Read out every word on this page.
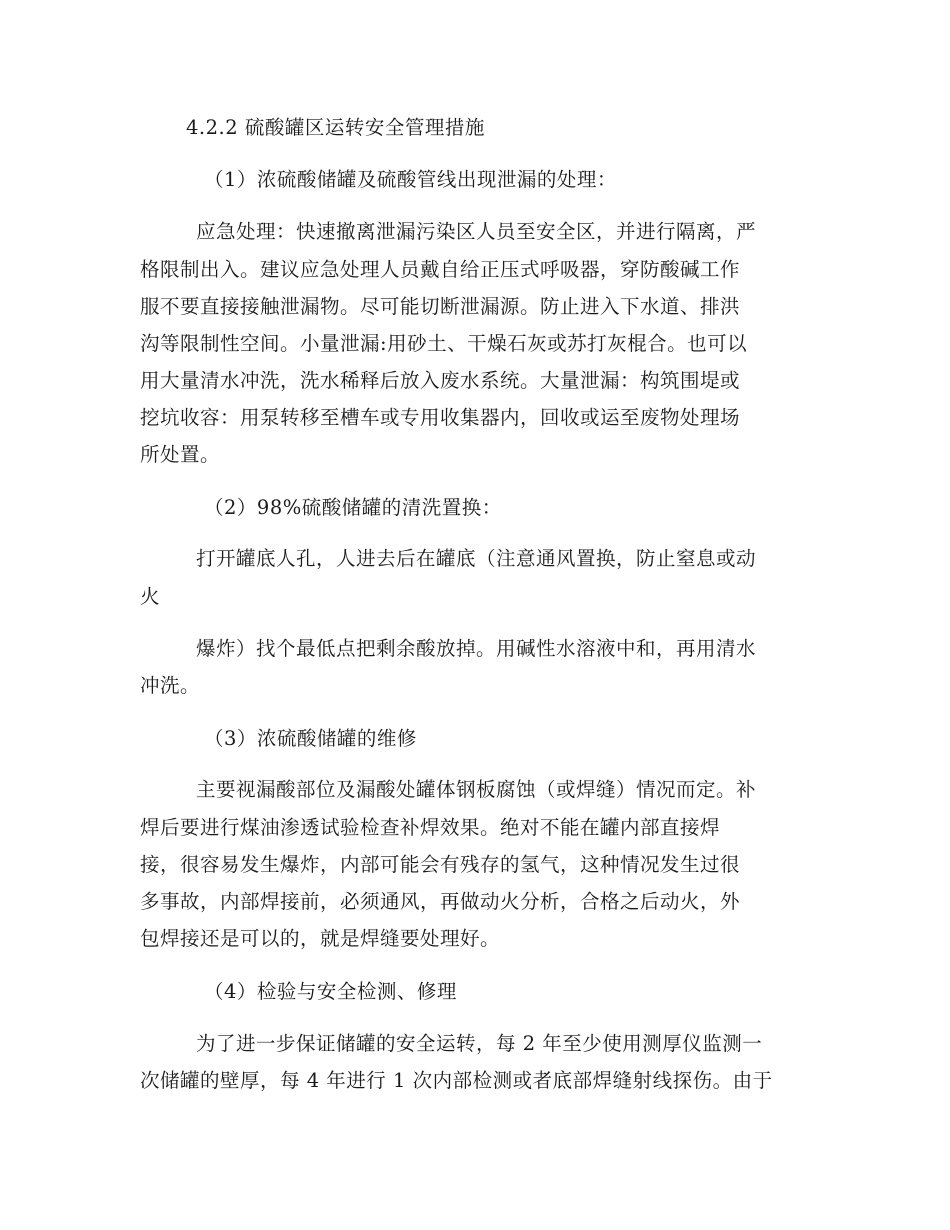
4.2.2 硫酸罐区运转安全管理措施
（1）浓硫酸储罐及硫酸管线出现泄漏的处理：
应急处理：快速撤离泄漏污染区人员至安全区，并进行隔离，严
格限制出入。建议应急处理人员戴自给正压式呼吸器，穿防酸碱工作
服不要直接接触泄漏物。尽可能切断泄漏源。防止进入下水道、排洪
沟等限制性空间。小量泄漏:用砂土、干燥石灰或苏打灰棍合。也可以
用大量清水冲洗，洗水稀释后放入废水系统。大量泄漏：构筑围堤或
挖坑收容：用泵转移至槽车或专用收集器内，回收或运至废物处理场
所处置。
（2）98%硫酸储罐的清洗置换：
打开罐底人孔，人进去后在罐底（注意通风置换，防止窒息或动
火
爆炸）找个最低点把剩余酸放掉。用碱性水溶液中和，再用清水
冲洗。
（3）浓硫酸储罐的维修
主要视漏酸部位及漏酸处罐体钢板腐蚀（或焊缝）情况而定。补
焊后要进行煤油渗透试验检查补焊效果。绝对不能在罐内部直接焊
接，很容易发生爆炸，内部可能会有残存的氢气，这种情况发生过很
多事故，内部焊接前，必须通风，再做动火分析，合格之后动火，外
包焊接还是可以的，就是焊缝要处理好。
（4）检验与安全检测、修理
为了进一步保证储罐的安全运转，每 2 年至少使用测厚仪监测一
次储罐的壁厚，每 4 年进行 1 次内部检测或者底部焊缝射线探伤。由于
